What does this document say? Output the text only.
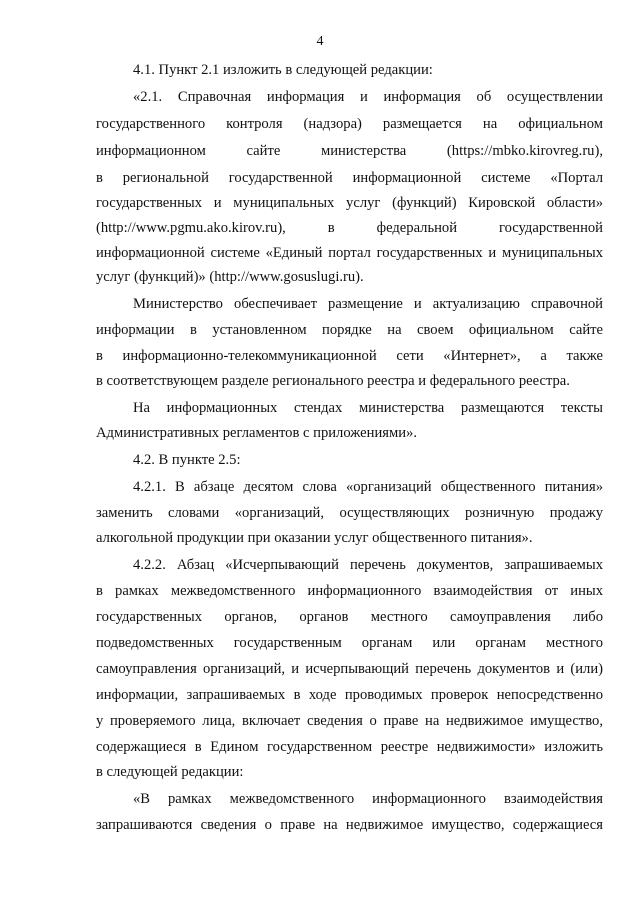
4
4.1. Пункт 2.1 изложить в следующей редакции:
«2.1. Справочная информация и информация об осуществлении
государственного контроля (надзора) размещается на официальном
информационном сайте министерства (https://mbko.kirovreg.ru),
в региональной государственной информационной системе «Портал
государственных и муниципальных услуг (функций) Кировской области»
(http://www.pgmu.ako.kirov.ru), в федеральной государственной
информационной системе «Единый портал государственных и муниципальных
услуг (функций)» (http://www.gosuslugi.ru).
Министерство обеспечивает размещение и актуализацию справочной
информации в установленном порядке на своем официальном сайте
в информационно-телекоммуникационной сети «Интернет», а также
в соответствующем разделе регионального реестра и федерального реестра.
На информационных стендах министерства размещаются тексты
Административных регламентов с приложениями».
4.2. В пункте 2.5:
4.2.1. В абзаце десятом слова «организаций общественного питания»
заменить словами «организаций, осуществляющих розничную продажу
алкогольной продукции при оказании услуг общественного питания».
4.2.2. Абзац «Исчерпывающий перечень документов, запрашиваемых
в рамках межведомственного информационного взаимодействия от иных
государственных органов, органов местного самоуправления либо
подведомственных государственным органам или органам местного
самоуправления организаций, и исчерпывающий перечень документов и (или)
информации, запрашиваемых в ходе проводимых проверок непосредственно
у проверяемого лица, включает сведения о праве на недвижимое имущество,
содержащиеся в Едином государственном реестре недвижимости» изложить
в следующей редакции:
«В рамках межведомственного информационного взаимодействия
запрашиваются сведения о праве на недвижимое имущество, содержащиеся
